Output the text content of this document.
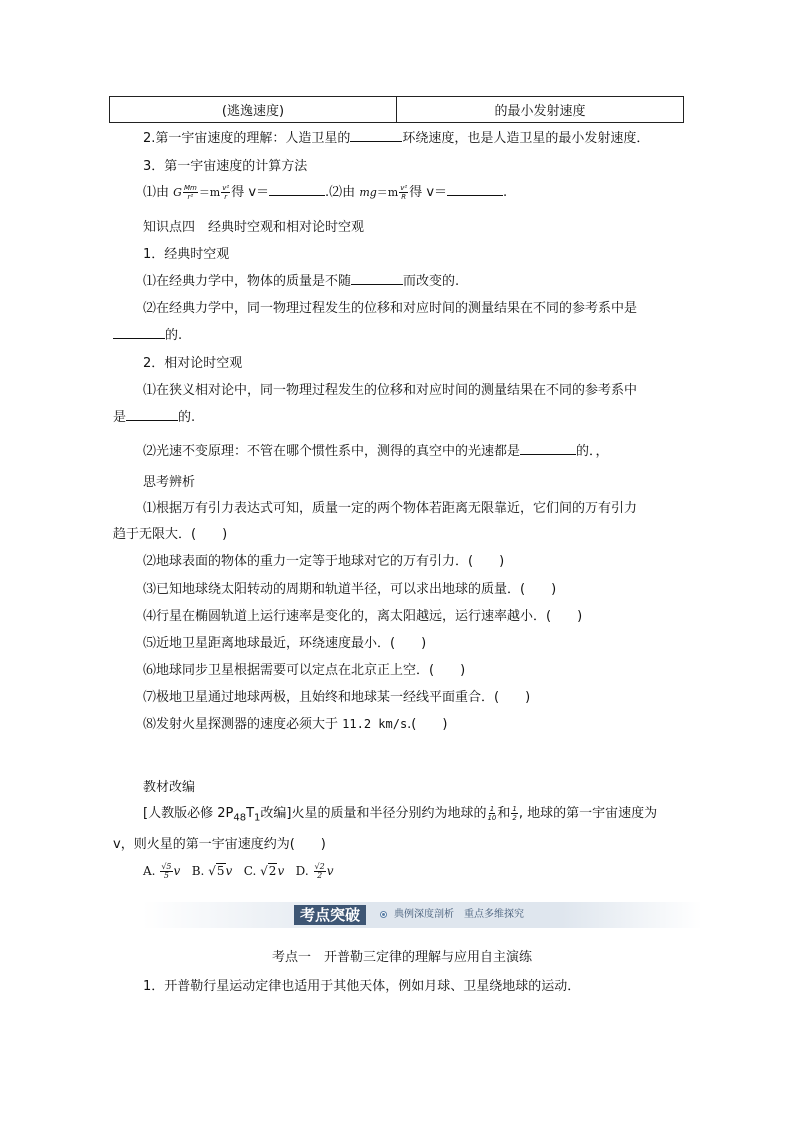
(逃逸速度)	的最小发射速度
2.第一宇宙速度的理解：人造卫星的	环绕速度，也是人造卫星的最小发射速度．
3．第一宇宙速度的计算方法
⑴由 G $\frac{Mm}{\text{r²}} =m \frac{\text{v²}}{r}$ 得 v＝	.⑵由 $mg=m \frac{\text{v²}}{R}$ 得 v＝	.
知识点四　经典时空观和相对论时空观
1．经典时空观
⑴在经典力学中，物体的质量是不随	而改变的.
⑵在经典力学中，同一物理过程发生的位移和对应时间的测量结果在不同的参考系中是
的.
2．相对论时空观
⑴在狭义相对论中，同一物理过程发生的位移和对应时间的测量结果在不同的参考系中
是	的.
⑵光速不变原理：不管在哪个惯性系中，测得的真空中的光速都是	的．，
思考辨析
⑴根据万有引力表达式可知，质量一定的两个物体若距离无限靠近，它们间的万有引力
趋于无限大．(　　)
⑵地球表面的物体的重力一定等于地球对它的万有引力．(　　)
⑶已知地球绕太阳转动的周期和轨道半径，可以求出地球的质量．(　　)
⑷行星在椭圆轨道上运行速率是变化的，离太阳越远，运行速率越小．(　　)
⑸近地卫星距离地球最近，环绕速度最小．(　　)
⑹地球同步卫星根据需要可以定点在北京正上空．(　　)
⑺极地卫星通过地球两极，且始终和地球某一经线平面重合．(　　)
⑻发射火星探测器的速度必须大于 11.2 km/s.(　　)
教材改编
[人教版必修 $2P_{48}T_1$改编]火星的质量和半径分别约为地球的 $\frac{1}{10}$ 和 $\frac{1}{2}$ , 地球的第一宇宙速度为
v，则火星的第一宇宙速度约为(　　)
A. $\frac{√5}{5}$ v B. √5v C. √2v D. $\frac{√2}{2}$ v
考点突破	典例深度剖析　重点多维探究
考点一　开普勒三定律的理解与应用自主演练
1．开普勒行星运动定律也适用于其他天体，例如月球、卫星绕地球的运动．
